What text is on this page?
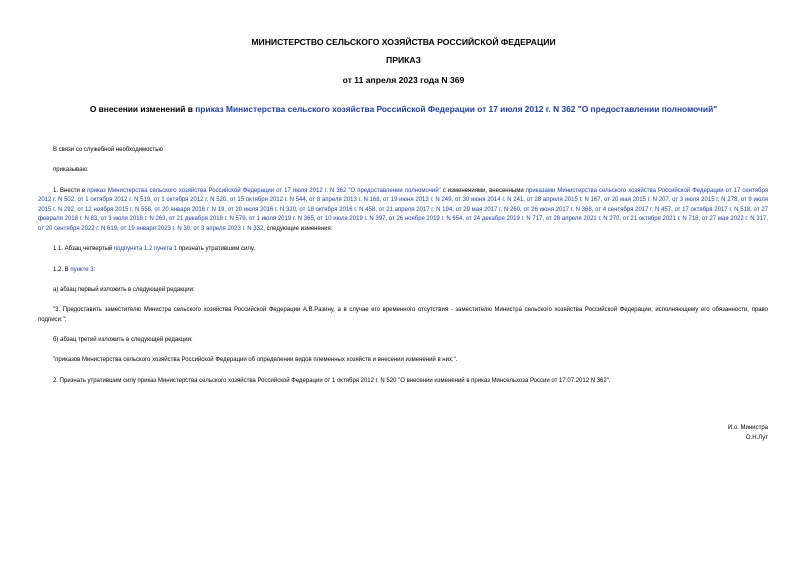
МИНИСТЕРСТВО СЕЛЬСКОГО ХОЗЯЙСТВА РОССИЙСКОЙ ФЕДЕРАЦИИ
ПРИКАЗ
от 11 апреля 2023 года N 369
О внесении изменений в приказ Министерства сельского хозяйства Российской Федерации от 17 июля 2012 г. N 362 "О предоставлении полномочий"

В связи со служебной необходимостью

приказываю:

1. Внести в приказ Министерства сельского хозяйства Российской Федерации от 17 июля 2012 г. N 362 "О предоставлении полномочий" с изменениями, внесенными приказами Министерства сельского хозяйства Российской Федерации от 17 сентября 2012 г. N 502, от 1 октября 2012 г. N 519, от 1 октября 2012 г. N 520, от 15 октября 2012 г. N 544, от 8 апреля 2013 г. N 168, от 19 июня 2013 г. N 249, от 30 июня 2014 г. N 241, от 28 апреля 2015 г. N 167, от 20 мая 2015 г. N 207, от 3 июля 2015 г. N 278, от 9 июля 2015 г. N 292, от 12 ноября 2015 г. N 558, от 20 января 2016 г. N 19, от 20 июля 2016 г. N 320, от 18 октября 2016 г. N 458, от 21 апреля 2017 г. N 194, от 29 мая 2017 г. N 260, от 26 июня 2017 г. N 368, от 4 сентября 2017 г. N 457, от 17 октября 2017 г. N 518, от 27 февраля 2018 г. N 83, от 3 июля 2018 г. N 263, от 21 декабря 2018 г. N 579, от 1 июля 2019 г. N 365, от 10 июля 2019 г. N 397, от 26 ноября 2019 г. N 654, от 24 декабря 2019 г. N 717, от 28 апреля 2021 г. N 270, от 21 октября 2021 г. N 718, от 27 мая 2022 г. N 317, от 20 сентября 2022 г. N 619, от 19 января 2023 г. N 30, от 3 апреля 2023 г. N 332, следующие изменения:

1.1. Абзац четвертый подпункта 1.2 пункта 1 признать утратившим силу.

1.2. В пункте 3:

а) абзац первый изложить в следующей редакции:

"3. Предоставить заместителю Министра сельского хозяйства Российской Федерации А.В.Разину, а в случае его временного отсутствия - заместителю Министра сельского хозяйства Российской Федерации, исполняющему его обязанности, право подписи:";

б) абзац третий изложить в следующей редакции:

"приказов Министерства сельского хозяйства Российской Федерации об определении видов племенных хозяйств и внесении изменений в них;".

2. Признать утратившим силу приказ Министерства сельского хозяйства Российской Федерации от 1 октября 2012 г. N 520 "О внесении изменений в приказ Минсельхоза России от 17.07.2012 N 362".

И.о. Министра
О.Н.Лут
